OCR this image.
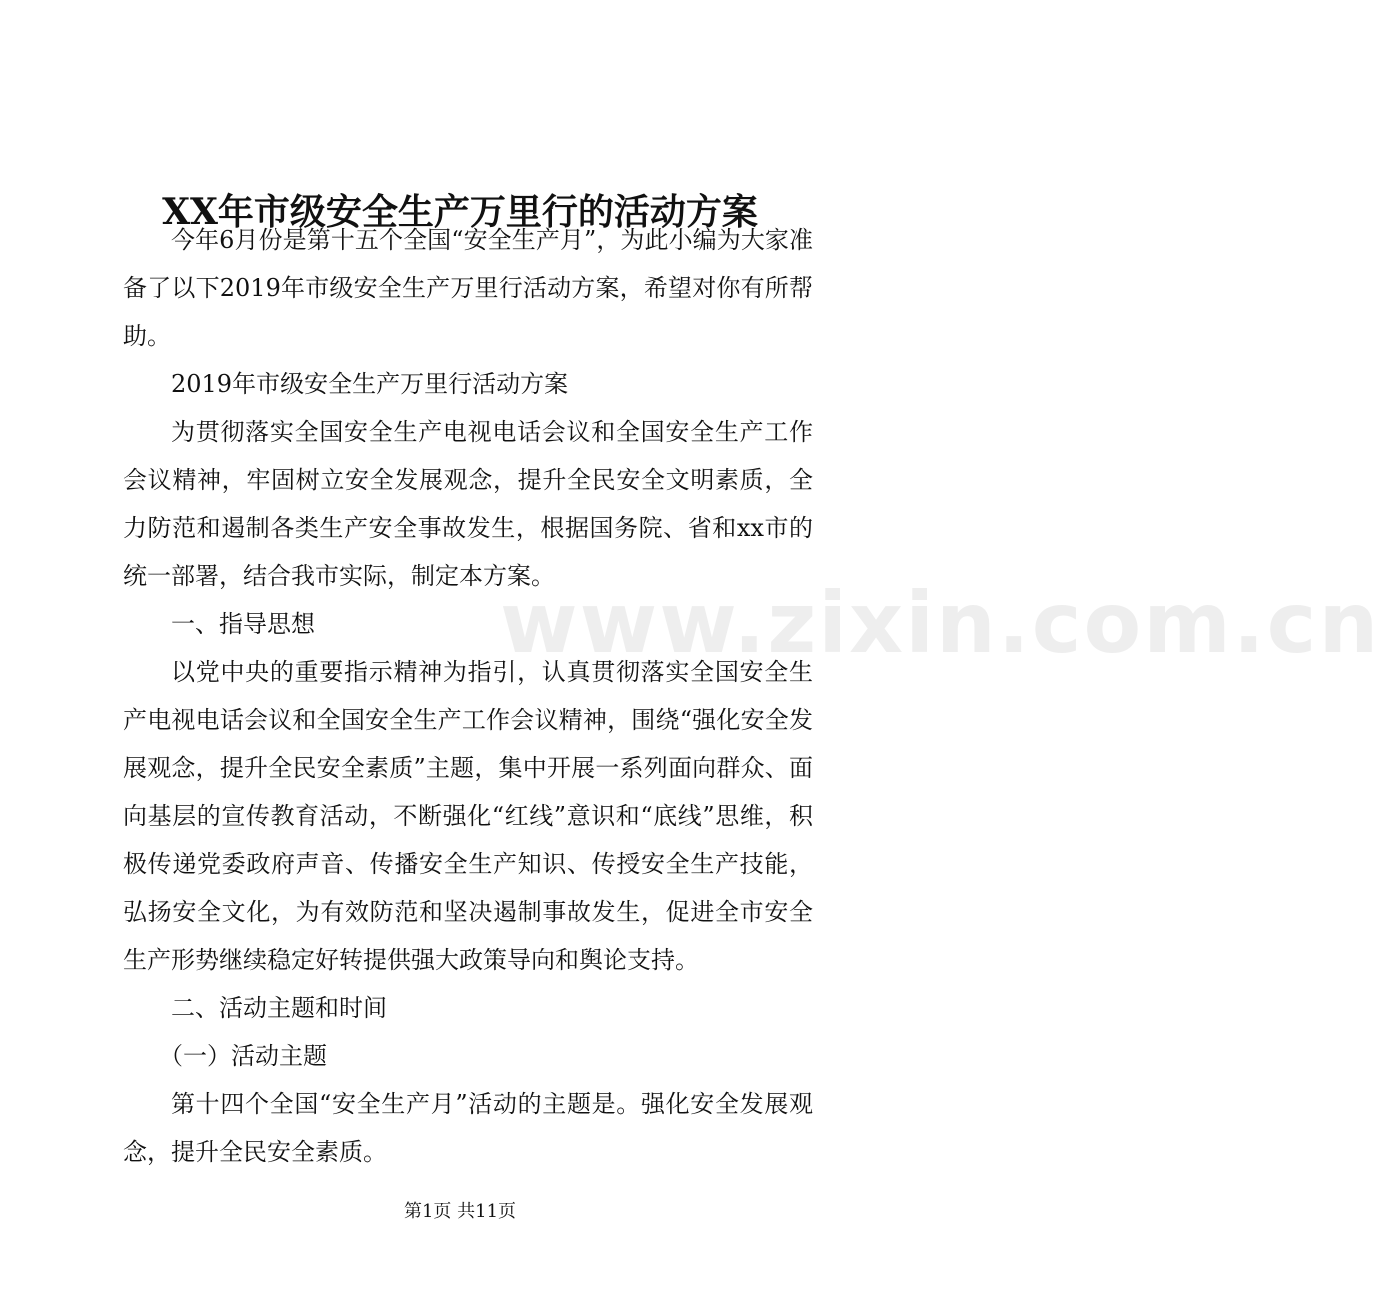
www.zixin.com.cn
XX年市级安全生产万里行的活动方案

今年6月份是第十五个全国“安全生产月”，为此小编为大家准备了以下2019年市级安全生产万里行活动方案，希望对你有所帮助。

2019年市级安全生产万里行活动方案

为贯彻落实全国安全生产电视电话会议和全国安全生产工作会议精神，牢固树立安全发展观念，提升全民安全文明素质，全力防范和遏制各类生产安全事故发生，根据国务院、省和xx市的统一部署，结合我市实际，制定本方案。

一、指导思想

以党中央的重要指示精神为指引，认真贯彻落实全国安全生产电视电话会议和全国安全生产工作会议精神，围绕“强化安全发展观念，提升全民安全素质”主题，集中开展一系列面向群众、面向基层的宣传教育活动，不断强化“红线”意识和“底线”思维，积极传递党委政府声音、传播安全生产知识、传授安全生产技能，弘扬安全文化，为有效防范和坚决遏制事故发生，促进全市安全生产形势继续稳定好转提供强大政策导向和舆论支持。

二、活动主题和时间

（一）活动主题

第十四个全国“安全生产月”活动的主题是。强化安全发展观念，提升全民安全素质。

第1页 共11页
